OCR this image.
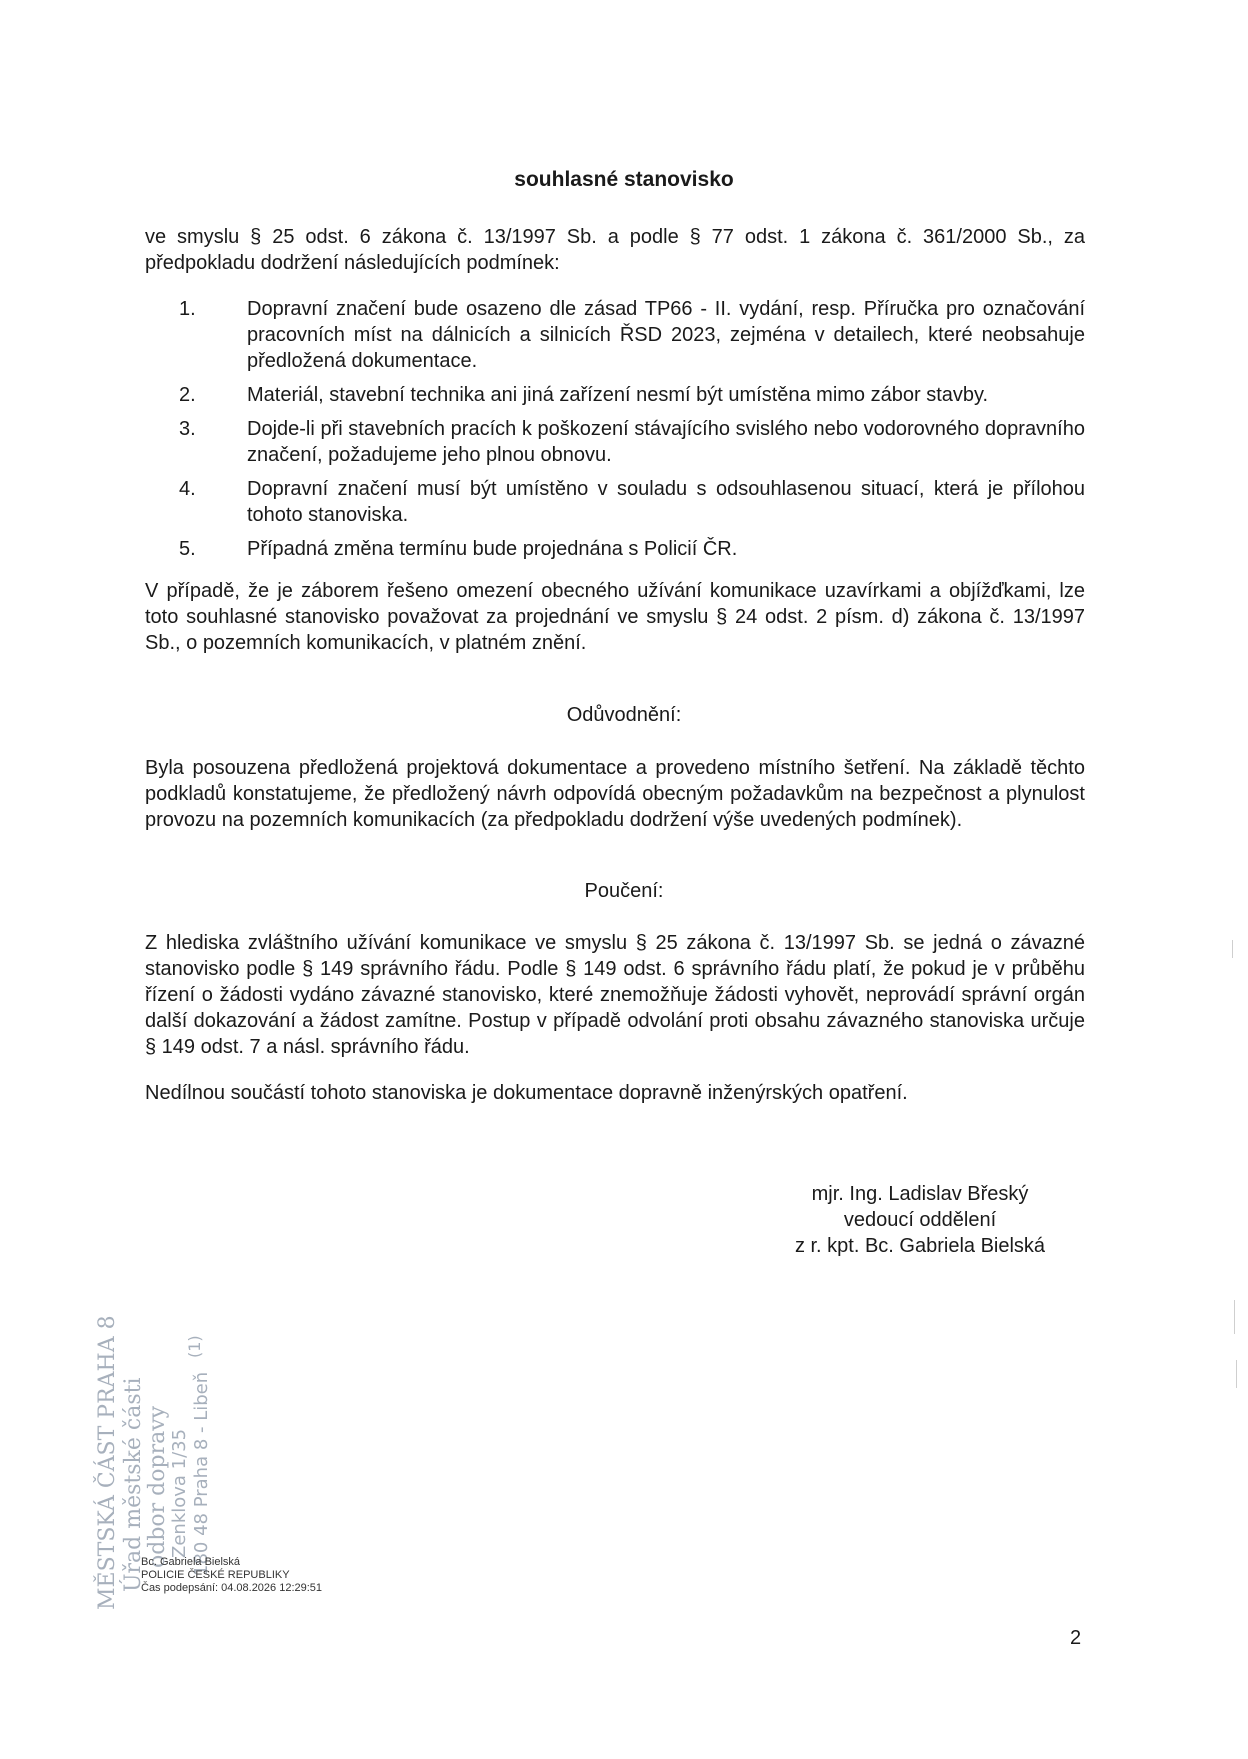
souhlasné stanovisko
ve smyslu § 25 odst. 6 zákona č. 13/1997 Sb. a podle § 77 odst. 1 zákona č. 361/2000 Sb., za předpokladu dodržení následujících podmínek:
1.	Dopravní značení bude osazeno dle zásad TP66 - II. vydání, resp. Příručka pro označování pracovních míst na dálnicích a silnicích ŘSD 2023, zejména v detailech, které neobsahuje předložená dokumentace.
2.	Materiál, stavební technika ani jiná zařízení nesmí být umístěna mimo zábor stavby.
3.	Dojde-li při stavebních pracích k poškození stávajícího svislého nebo vodorovného dopravního značení, požadujeme jeho plnou obnovu.
4.	Dopravní značení musí být umístěno v souladu s odsouhlasenou situací, která je přílohou tohoto stanoviska.
5.	Případná změna termínu bude projednána s Policií ČR.
V případě, že je záborem řešeno omezení obecného užívání komunikace uzavírkami a objížďkami, lze toto souhlasné stanovisko považovat za projednání ve smyslu § 24 odst. 2 písm. d) zákona č. 13/1997 Sb., o pozemních komunikacích, v platném znění.
Odůvodnění:
Byla posouzena předložená projektová dokumentace a provedeno místního šetření. Na základě těchto podkladů konstatujeme, že předložený návrh odpovídá obecným požadavkům na bezpečnost a plynulost provozu na pozemních komunikacích (za předpokladu dodržení výše uvedených podmínek).
Poučení:
Z hlediska zvláštního užívání komunikace ve smyslu § 25 zákona č. 13/1997 Sb. se jedná o závazné stanovisko podle § 149 správního řádu. Podle § 149 odst. 6 správního řádu platí, že pokud je v průběhu řízení o žádosti vydáno závazné stanovisko, které znemožňuje žádosti vyhovět, neprovádí správní orgán další dokazování a žádost zamítne. Postup v případě odvolání proti obsahu závazného stanoviska určuje § 149 odst. 7 a násl. správního řádu.
Nedílnou součástí tohoto stanoviska je dokumentace dopravně inženýrských opatření.
mjr. Ing. Ladislav Břeský
vedoucí oddělení
z r. kpt. Bc. Gabriela Bielská
MĚSTSKÁ ČÁST PRAHA 8 Úřad městské části odbor dopravy Zenklova 1/35 180 48 Praha 8 - Libeň
(1)
Bc. Gabriela Bielská
POLICIE ČESKÉ REPUBLIKY
Čas podepsání: 04.08.2026 12:29:51
2
